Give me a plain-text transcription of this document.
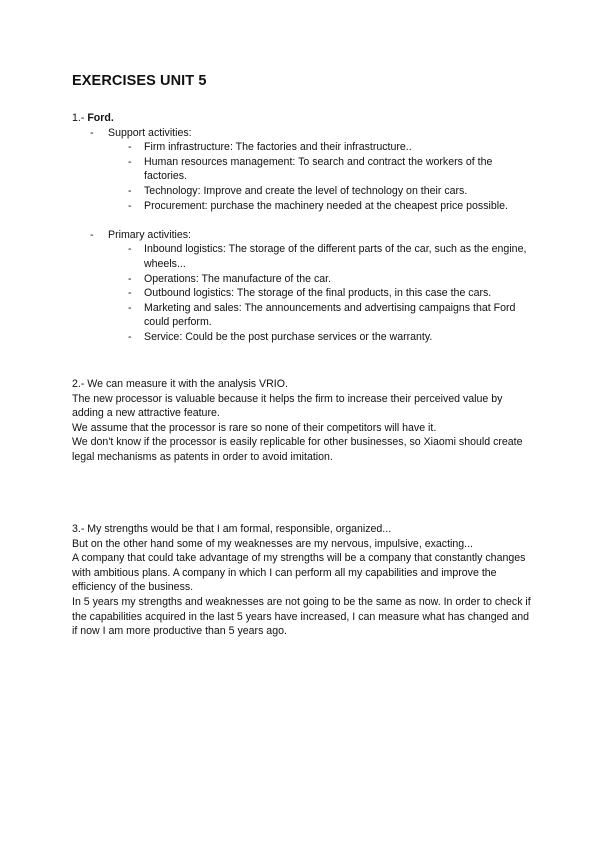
EXERCISES UNIT 5

1.- Ford.

- Support activities:
- Firm infrastructure: The factories and their infrastructure..
- Human resources management: To search and contract the workers of the factories.
- Technology: Improve and create the level of technology on their cars.
- Procurement: purchase the machinery needed at the cheapest price possible.
- Primary activities:
- Inbound logistics: The storage of the different parts of the car, such as the engine, wheels...
- Operations: The manufacture of the car.
- Outbound logistics: The storage of the final products, in this case the cars.
- Marketing and sales: The announcements and advertising campaigns that Ford could perform.
- Service: Could be the post purchase services or the warranty.

2.- We can measure it with the analysis VRIO.

The new processor is valuable because it helps the firm to increase their perceived value by adding a new attractive feature.

We assume that the processor is rare so none of their competitors will have it.

We don't know if the processor is easily replicable for other businesses, so Xiaomi should create legal mechanisms as patents in order to avoid imitation.

3.- My strengths would be that I am formal, responsible, organized...

But on the other hand some of my weaknesses are my nervous, impulsive, exacting...

A company that could take advantage of my strengths will be a company that constantly changes with ambitious plans. A company in which I can perform all my capabilities and improve the efficiency of the business.

In 5 years my strengths and weaknesses are not going to be the same as now. In order to check if the capabilities acquired in the last 5 years have increased, I can measure what has changed and if now I am more productive than 5 years ago.
